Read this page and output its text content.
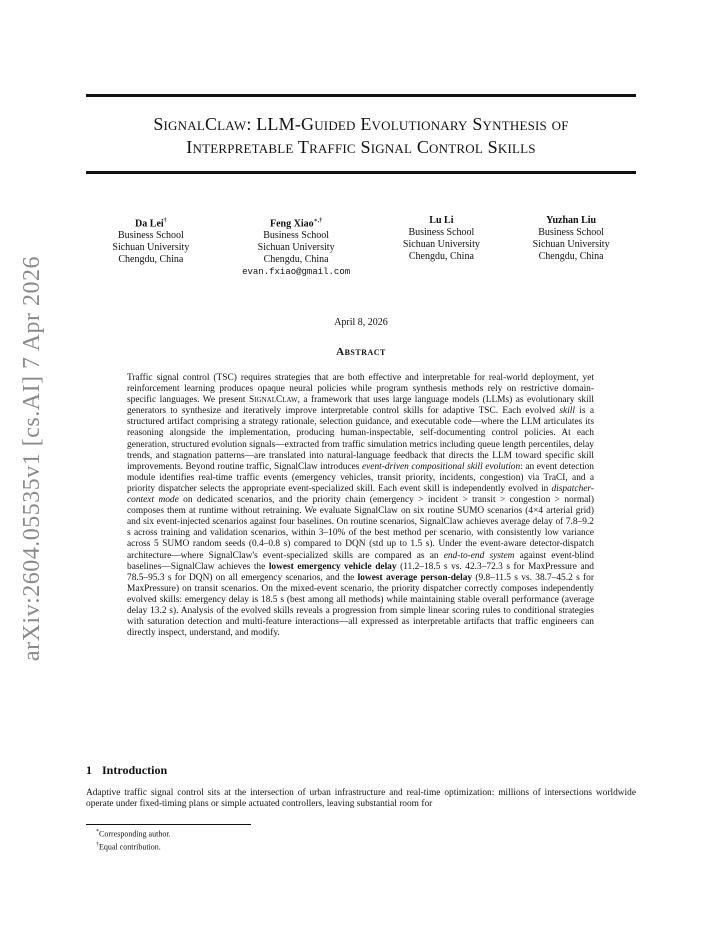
arXiv:2604.05535v1 [cs.AI] 7 Apr 2026
SignalClaw: LLM-Guided Evolutionary Synthesis of
Interpretable Traffic Signal Control Skills
Da Lei†
Business School
Sichuan University
Chengdu, China
Feng Xiao∗,†
Business School
Sichuan University
Chengdu, China
evan.fxiao@gmail.com
Lu Li
Business School
Sichuan University
Chengdu, China
Yuzhan Liu
Business School
Sichuan University
Chengdu, China
April 8, 2026
Abstract

Traffic signal control (TSC) requires strategies that are both effective and interpretable for real-world deployment, yet reinforcement learning produces opaque neural policies while program synthesis methods rely on restrictive domain-specific languages. We present SignalClaw, a framework that uses large language models (LLMs) as evolutionary skill generators to synthesize and iteratively improve interpretable control skills for adaptive TSC. Each evolved skill is a structured artifact comprising a strategy rationale, selection guidance, and executable code—where the LLM articulates its reasoning alongside the implementation, producing human-inspectable, self-documenting control policies. At each generation, structured evolution signals—extracted from traffic simulation metrics including queue length percentiles, delay trends, and stagnation patterns—are translated into natural-language feedback that directs the LLM toward specific skill improvements. Beyond routine traffic, SignalClaw introduces event-driven compositional skill evolution: an event detection module identifies real-time traffic events (emergency vehicles, transit priority, incidents, congestion) via TraCI, and a priority dispatcher selects the appropriate event-specialized skill. Each event skill is independently evolved in dispatcher-context mode on dedicated scenarios, and the priority chain (emergency > incident > transit > congestion > normal) composes them at runtime without retraining. We evaluate SignalClaw on six routine SUMO scenarios (4×4 arterial grid) and six event-injected scenarios against four baselines. On routine scenarios, SignalClaw achieves average delay of 7.8–9.2 s across training and validation scenarios, within 3–10% of the best method per scenario, with consistently low variance across 5 SUMO random seeds (0.4–0.8 s) compared to DQN (std up to 1.5 s). Under the event-aware detector-dispatch architecture—where SignalClaw's event-specialized skills are compared as an end-to-end system against event-blind baselines—SignalClaw achieves the lowest emergency vehicle delay (11.2–18.5 s vs. 42.3–72.3 s for MaxPressure and 78.5–95.3 s for DQN) on all emergency scenarios, and the lowest average person-delay (9.8–11.5 s vs. 38.7–45.2 s for MaxPressure) on transit scenarios. On the mixed-event scenario, the priority dispatcher correctly composes independently evolved skills: emergency delay is 18.5 s (best among all methods) while maintaining stable overall performance (average delay 13.2 s). Analysis of the evolved skills reveals a progression from simple linear scoring rules to conditional strategies with saturation detection and multi-feature interactions—all expressed as interpretable artifacts that traffic engineers can directly inspect, understand, and modify.

1 Introduction

Adaptive traffic signal control sits at the intersection of urban infrastructure and real-time optimization: millions of intersections worldwide operate under fixed-timing plans or simple actuated controllers, leaving substantial room for

*Corresponding author.
†Equal contribution.
